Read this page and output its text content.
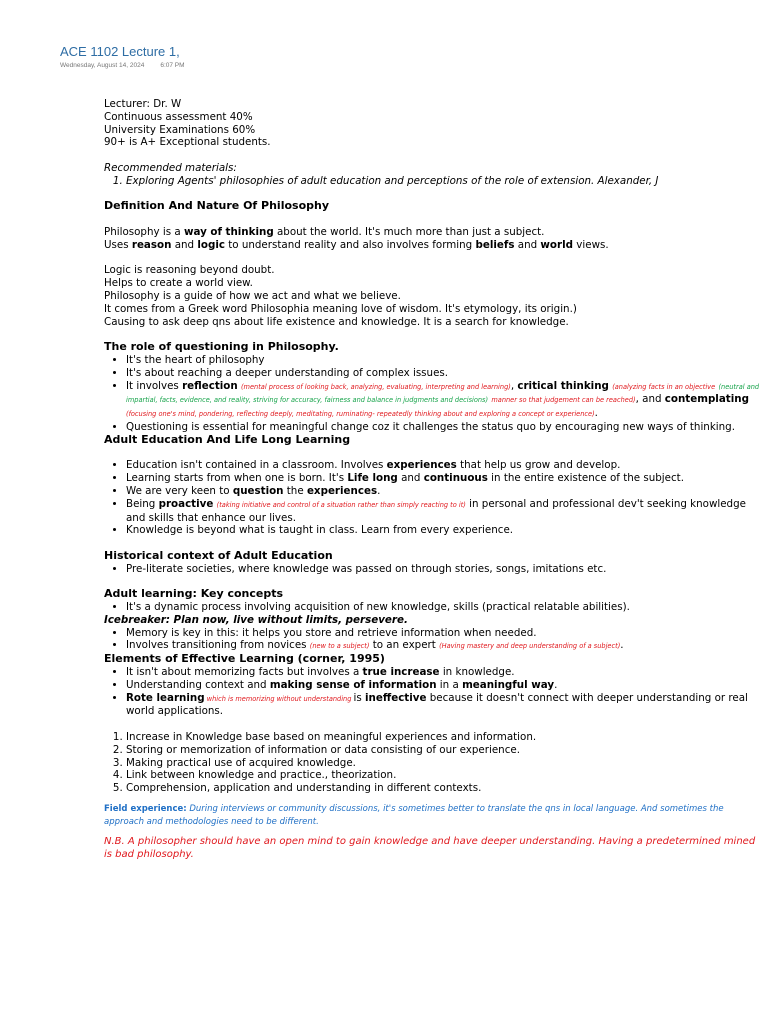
ACE 1102 Lecture 1,
Wednesday, August 14, 2024 6:07 PM

Lecturer: Dr. W

Continuous assessment 40%

University Examinations 60%

90+ is A+ Exceptional students.

Recommended materials:

1. Exploring Agents' philosophies of adult education and perceptions of the role of extension. Alexander, J

Definition And Nature Of Philosophy

Philosophy is a way of thinking about the world. It's much more than just a subject.

Uses reason and logic to understand reality and also involves forming beliefs and world views.

Logic is reasoning beyond doubt.

Helps to create a world view.

Philosophy is a guide of how we act and what we believe.

It comes from a Greek word Philosophia meaning love of wisdom. It's etymology, its origin.)

Causing to ask deep qns about life existence and knowledge. It is a search for knowledge.

The role of questioning in Philosophy.

• It's the heart of philosophy
• It's about reaching a deeper understanding of complex issues.
• It involves reflection (mental process of looking back, analyzing, evaluating, interpreting and learning), critical thinking (analyzing facts in an objective (neutral and impartial, facts, evidence, and reality, striving for accuracy, fairness and balance in judgments and decisions) manner so that judgement can be reached), and contemplating (focusing one's mind, pondering, reflecting deeply, meditating, ruminating- repeatedly thinking about and exploring a concept or experience).
• Questioning is essential for meaningful change coz it challenges the status quo by encouraging new ways of thinking.

Adult Education And Life Long Learning

• Education isn't contained in a classroom. Involves experiences that help us grow and develop.
• Learning starts from when one is born. It's Life long and continuous in the entire existence of the subject.
• We are very keen to question the experiences.
• Being proactive (taking initiative and control of a situation rather than simply reacting to it) in personal and professional dev't seeking knowledge and skills that enhance our lives.
• Knowledge is beyond what is taught in class. Learn from every experience.

Historical context of Adult Education

• Pre-literate societies, where knowledge was passed on through stories, songs, imitations etc.

Adult learning: Key concepts

• It's a dynamic process involving acquisition of new knowledge, skills (practical relatable abilities).

Icebreaker: Plan now, live without limits, persevere.

• Memory is key in this: it helps you store and retrieve information when needed.
• Involves transitioning from novices (new to a subject) to an expert (Having mastery and deep understanding of a subject).

Elements of Effective Learning (corner, 1995)

• It isn't about memorizing facts but involves a true increase in knowledge.
• Understanding context and making sense of information in a meaningful way.
• Rote learning which is memorizing without understanding is ineffective because it doesn't connect with deeper understanding or real world applications.
1. Increase in Knowledge base based on meaningful experiences and information.
2. Storing or memorization of information or data consisting of our experience.
3. Making practical use of acquired knowledge.
4. Link between knowledge and practice., theorization.
5. Comprehension, application and understanding in different contexts.

Field experience: During interviews or community discussions, it's sometimes better to translate the qns in local language. And sometimes the approach and methodologies need to be different.

N.B. A philosopher should have an open mind to gain knowledge and have deeper understanding. Having a predetermined mined is bad philosophy.
